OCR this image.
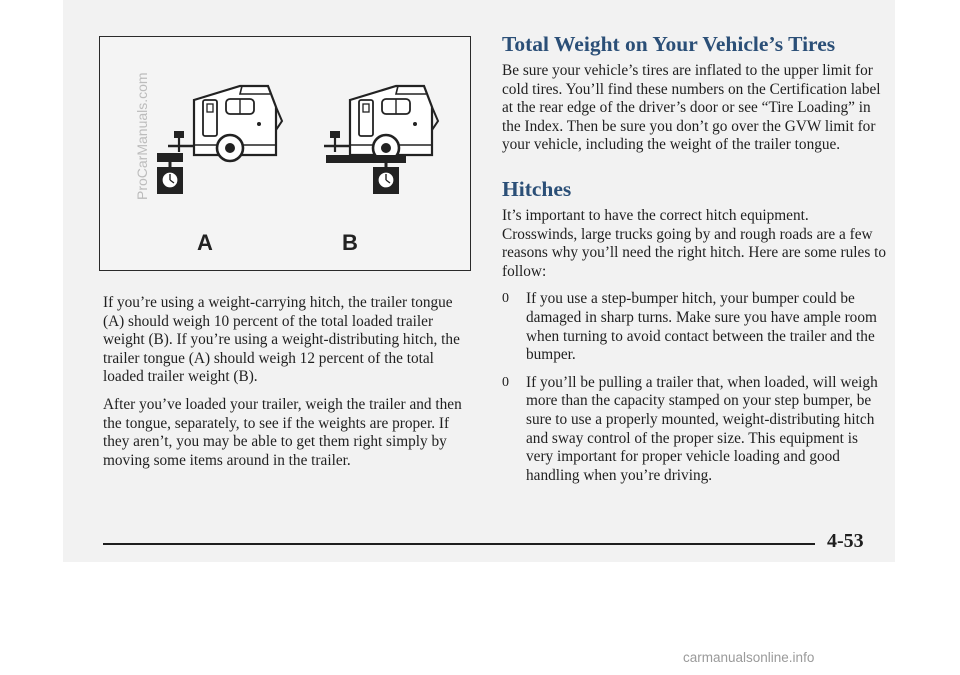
A	B

If you’re using a weight-carrying hitch, the trailer tongue (A) should weigh 10 percent of the total loaded trailer weight (B). If you’re using a weight-distributing hitch, the trailer tongue (A) should weigh 12 percent of the total loaded trailer weight (B).

After you’ve loaded your trailer, weigh the trailer and then the tongue, separately, to see if the weights are proper. If they aren’t, you may be able to get them right simply by moving some items around in the trailer.

Total Weight on Your Vehicle’s Tires

Be sure your vehicle’s tires are inflated to the upper limit for cold tires. You’ll find these numbers on the Certification label at the rear edge of the driver’s door or see “Tire Loading” in the Index. Then be sure you don’t go over the GVW limit for your vehicle, including the weight of the trailer tongue.

Hitches

It’s important to have the correct hitch equipment. Crosswinds, large trucks going by and rough roads are a few reasons why you’ll need the right hitch. Here are some rules to follow:

0 If you use a step-bumper hitch, your bumper could be damaged in sharp turns. Make sure you have ample room when turning to avoid contact between the trailer and the bumper.
0 If you’ll be pulling a trailer that, when loaded, will weigh more than the capacity stamped on your step bumper, be sure to use a properly mounted, weight-distributing hitch and sway control of the proper size. This equipment is very important for proper vehicle loading and good handling when you’re driving.
4-53
ProCarManuals.com
carmanualsonline.info
